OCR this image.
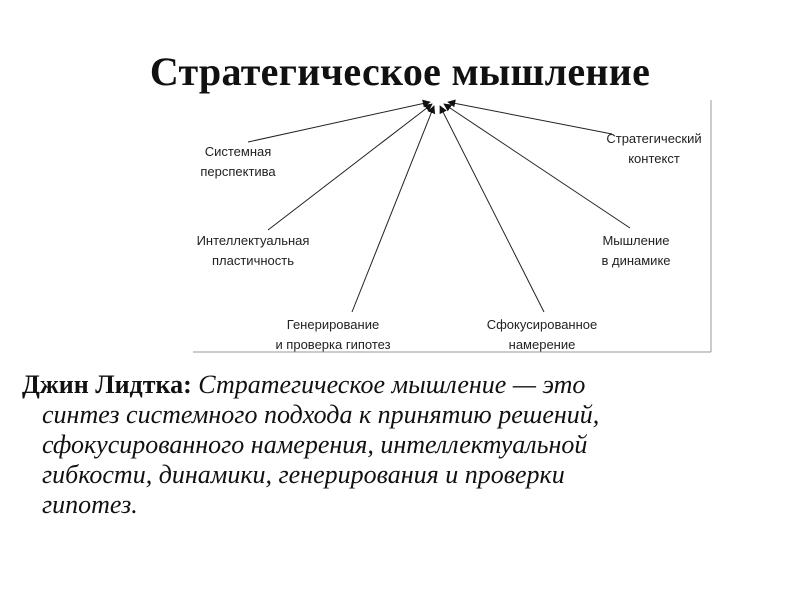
Стратегическое мышление
Системная
перспектива
Интеллектуальная
пластичность
Генерирование
и проверка гипотез
Сфокусированное
намерение
Мышление
в динамике
Стратегический
контекст
Джин Лидтка: Стратегическое мышление — это
синтез системного подхода к принятию решений,
сфокусированного намерения, интеллектуальной
гибкости, динамики, генерирования и проверки
гипотез.
